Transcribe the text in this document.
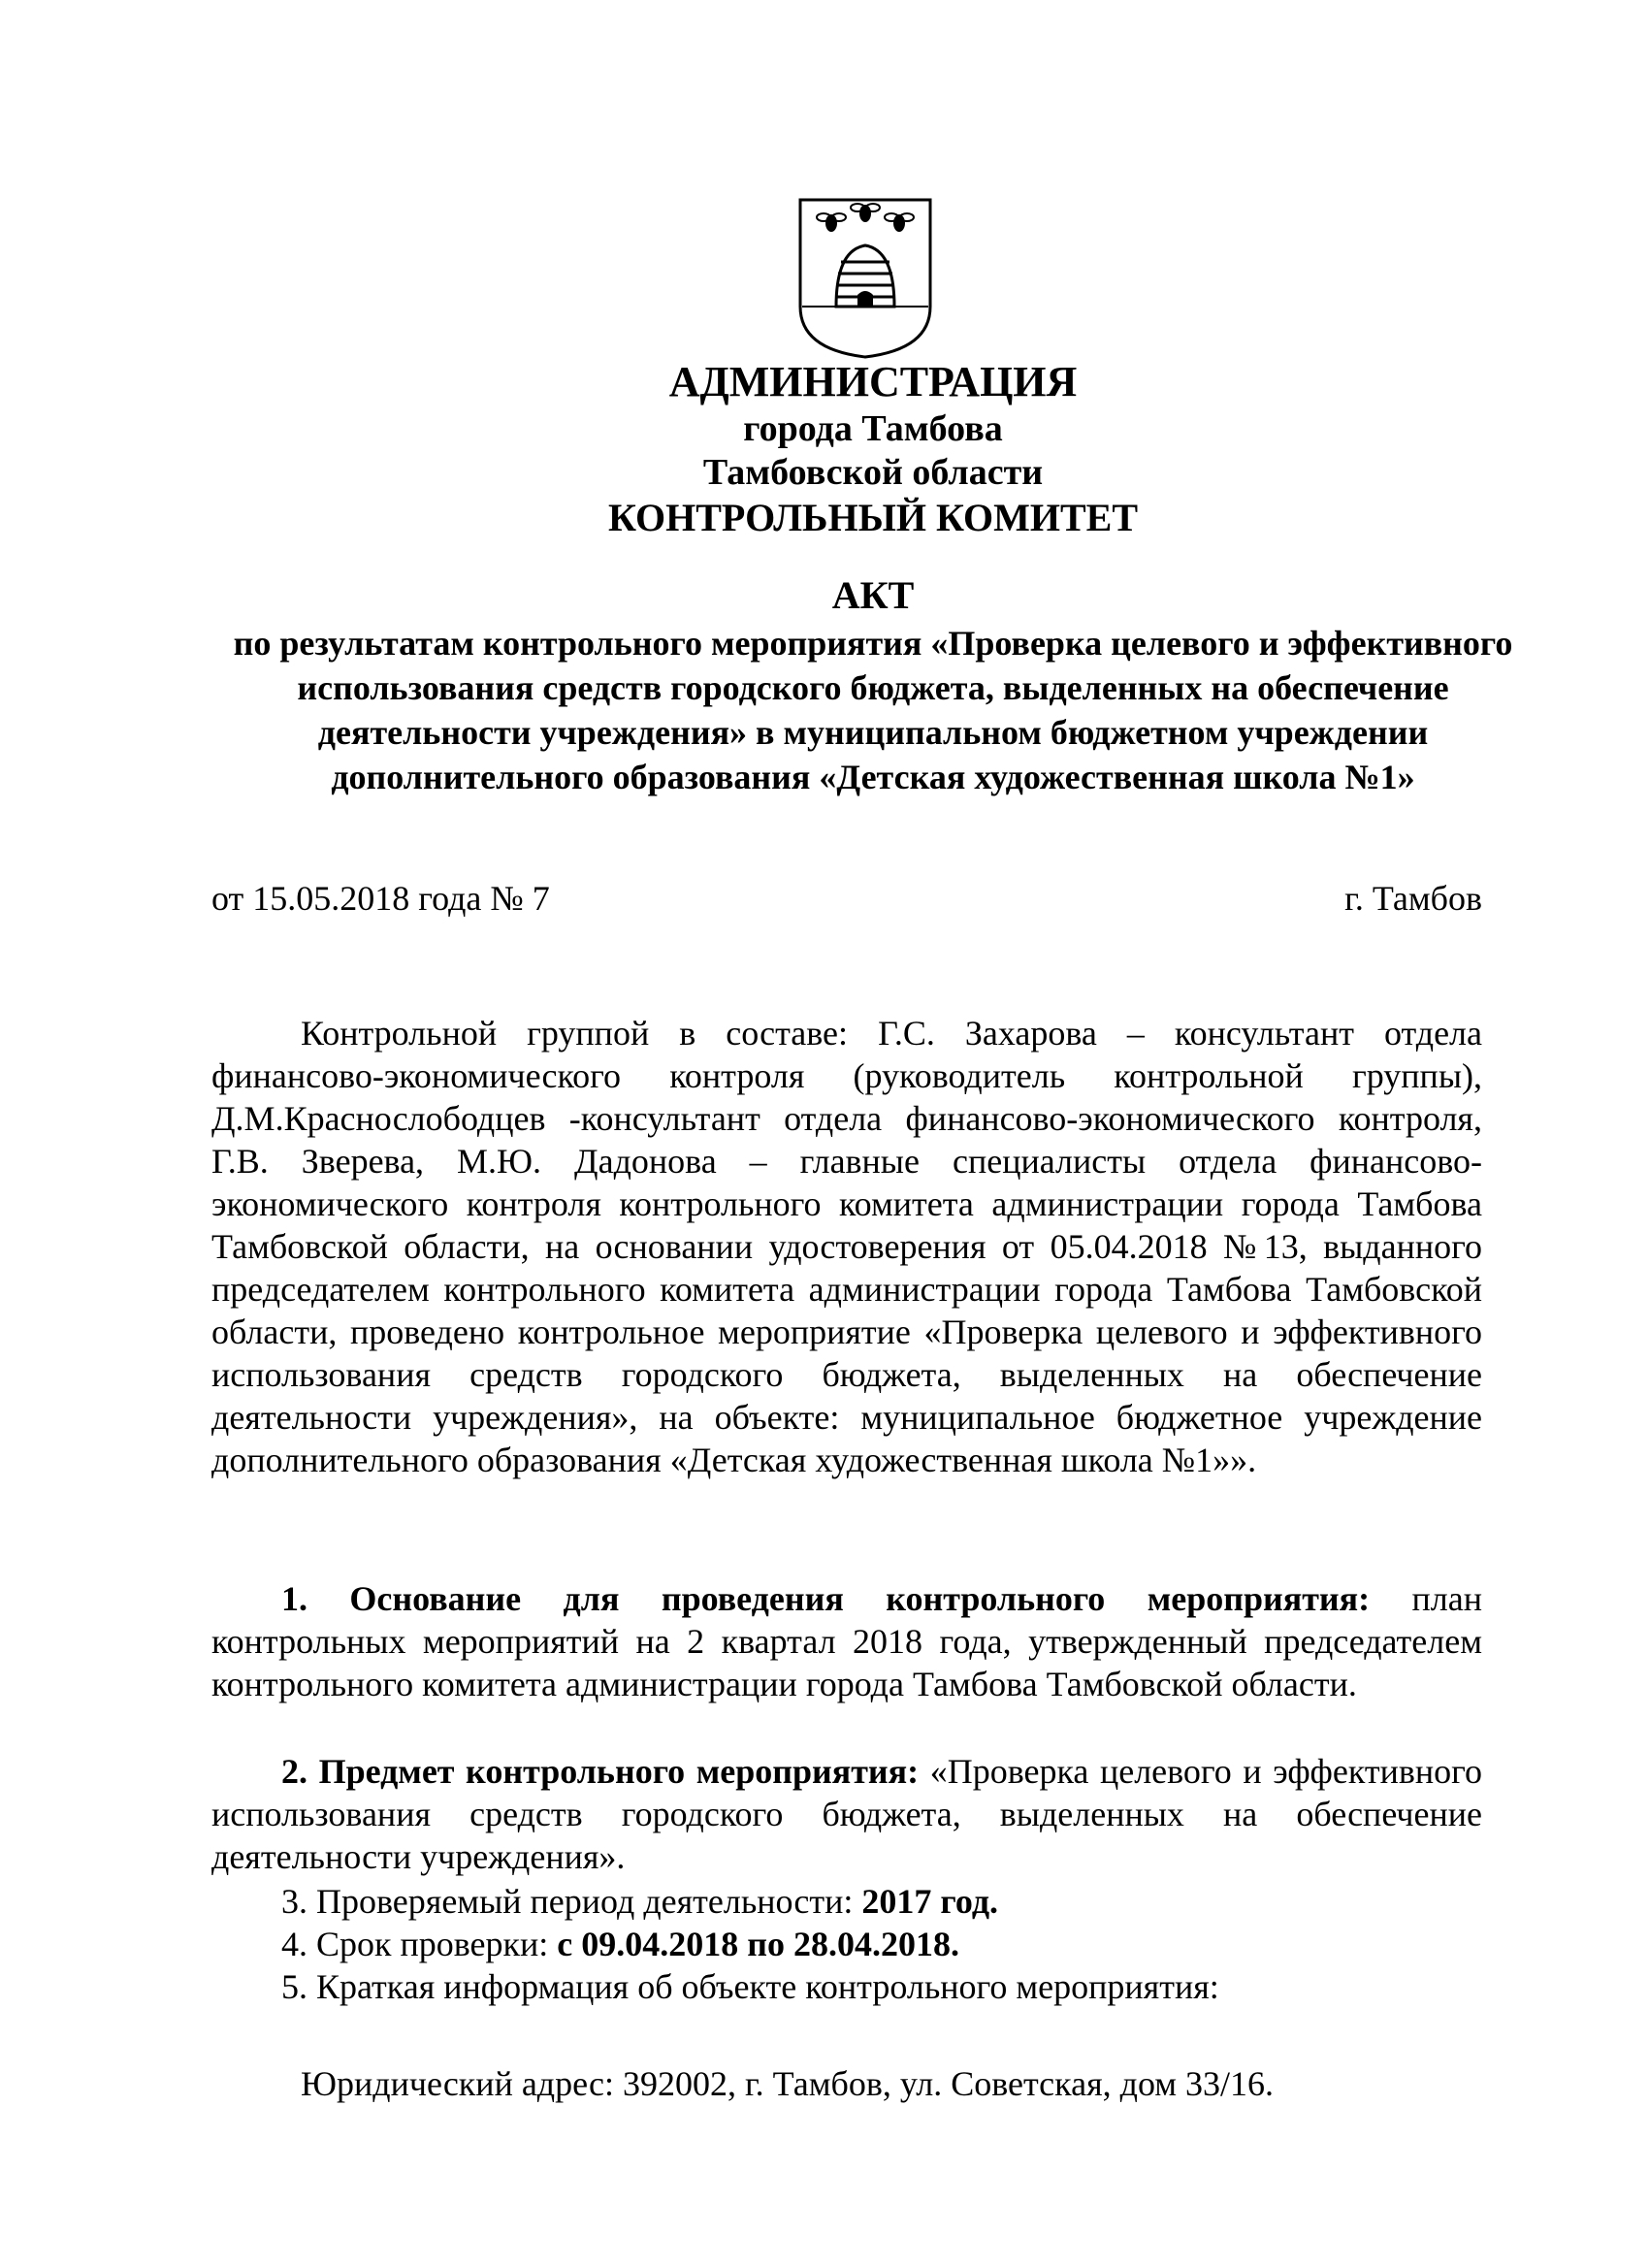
АДМИНИСТРАЦИЯ
города Тамбова
Тамбовской области
КОНТРОЛЬНЫЙ КОМИТЕТ
АКТ
по результатам контрольного мероприятия «Проверка целевого и эффективного использования средств городского бюджета, выделенных на обеспечение деятельности учреждения» в муниципальном бюджетном учреждении дополнительного образования «Детская художественная школа №1»
от 15.05.2018 года № 7	г. Тамбов
Контрольной группой в составе: Г.С. Захарова – консультант отдела финансово-экономического контроля (руководитель контрольной группы), Д.М.Краснослободцев -консультант отдела финансово-экономического контроля, Г.В. Зверева, М.Ю. Дадонова – главные специалисты отдела финансово-экономического контроля контрольного комитета администрации города Тамбова Тамбовской области, на основании удостоверения от 05.04.2018 №13, выданного председателем контрольного комитета администрации города Тамбова Тамбовской области, проведено контрольное мероприятие «Проверка целевого и эффективного использования средств городского бюджета, выделенных на обеспечение деятельности учреждения», на объекте: муниципальное бюджетное учреждение дополнительного образования «Детская художественная школа №1»».
1. Основание для проведения контрольного мероприятия: план контрольных мероприятий на 2 квартал 2018 года, утвержденный председателем контрольного комитета администрации города Тамбова Тамбовской области.
2. Предмет контрольного мероприятия: «Проверка целевого и эффективного использования средств городского бюджета, выделенных на обеспечение деятельности учреждения».
3. Проверяемый период деятельности: 2017 год.
4. Срок проверки: с 09.04.2018 по 28.04.2018.
5. Краткая информация об объекте контрольного мероприятия:
Юридический адрес: 392002, г. Тамбов, ул. Советская, дом 33/16.
